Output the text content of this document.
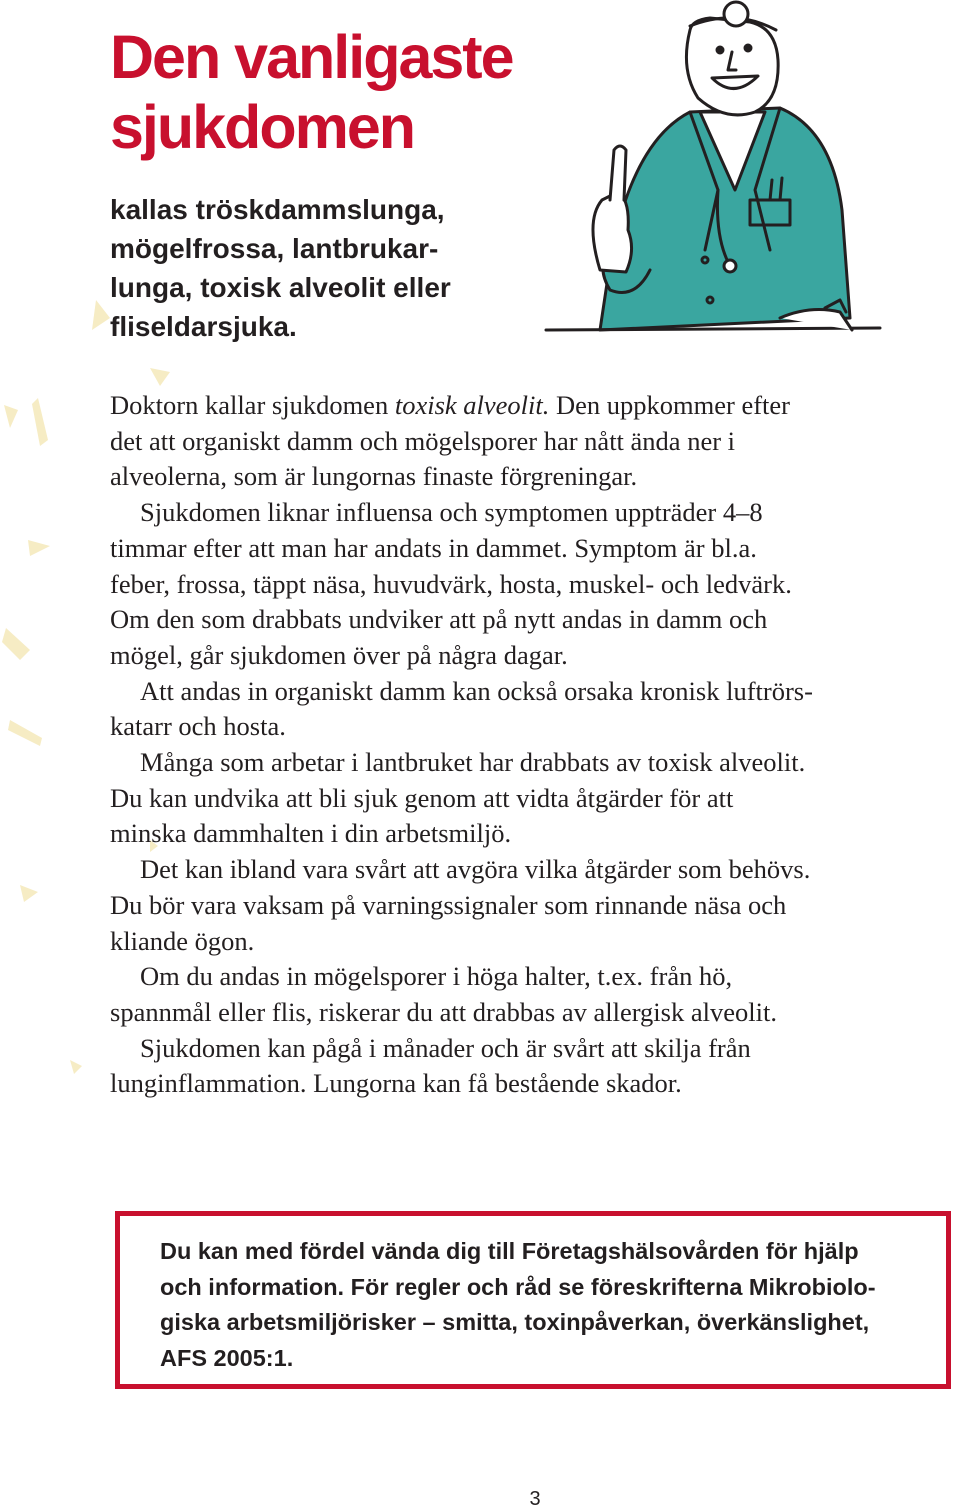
Den vanligaste
sjukdomen
kallas tröskdammslunga,
mögelfrossa, lantbrukar-
lunga, toxisk alveolit eller
fliseldarsjuka.
Doktorn kallar sjukdomen toxisk alveolit. Den uppkommer efter
det att organiskt damm och mögelsporer har nått ända ner i
alveolerna, som är lungornas finaste förgreningar.
Sjukdomen liknar influensa och symptomen uppträder 4–8
timmar efter att man har andats in dammet. Symptom är bl.a.
feber, frossa, täppt näsa, huvudvärk, hosta, muskel- och ledvärk.
Om den som drabbats undviker att på nytt andas in damm och
mögel, går sjukdomen över på några dagar.
Att andas in organiskt damm kan också orsaka kronisk luftrörs-
katarr och hosta.
Många som arbetar i lantbruket har drabbats av toxisk alveolit.
Du kan undvika att bli sjuk genom att vidta åtgärder för att
minska dammhalten i din arbetsmiljö.
Det kan ibland vara svårt att avgöra vilka åtgärder som behövs.
Du bör vara vaksam på varningssignaler som rinnande näsa och
kliande ögon.
Om du andas in mögelsporer i höga halter, t.ex. från hö,
spannmål eller flis, riskerar du att drabbas av allergisk alveolit.
Sjukdomen kan pågå i månader och är svårt att skilja från
lunginflammation. Lungorna kan få bestående skador.
Du kan med fördel vända dig till Företagshälsovården för hjälp
och information. För regler och råd se föreskrifterna Mikrobiolo-
giska arbetsmiljörisker – smitta, toxinpåverkan, överkänslighet,
AFS 2005:1.
3
